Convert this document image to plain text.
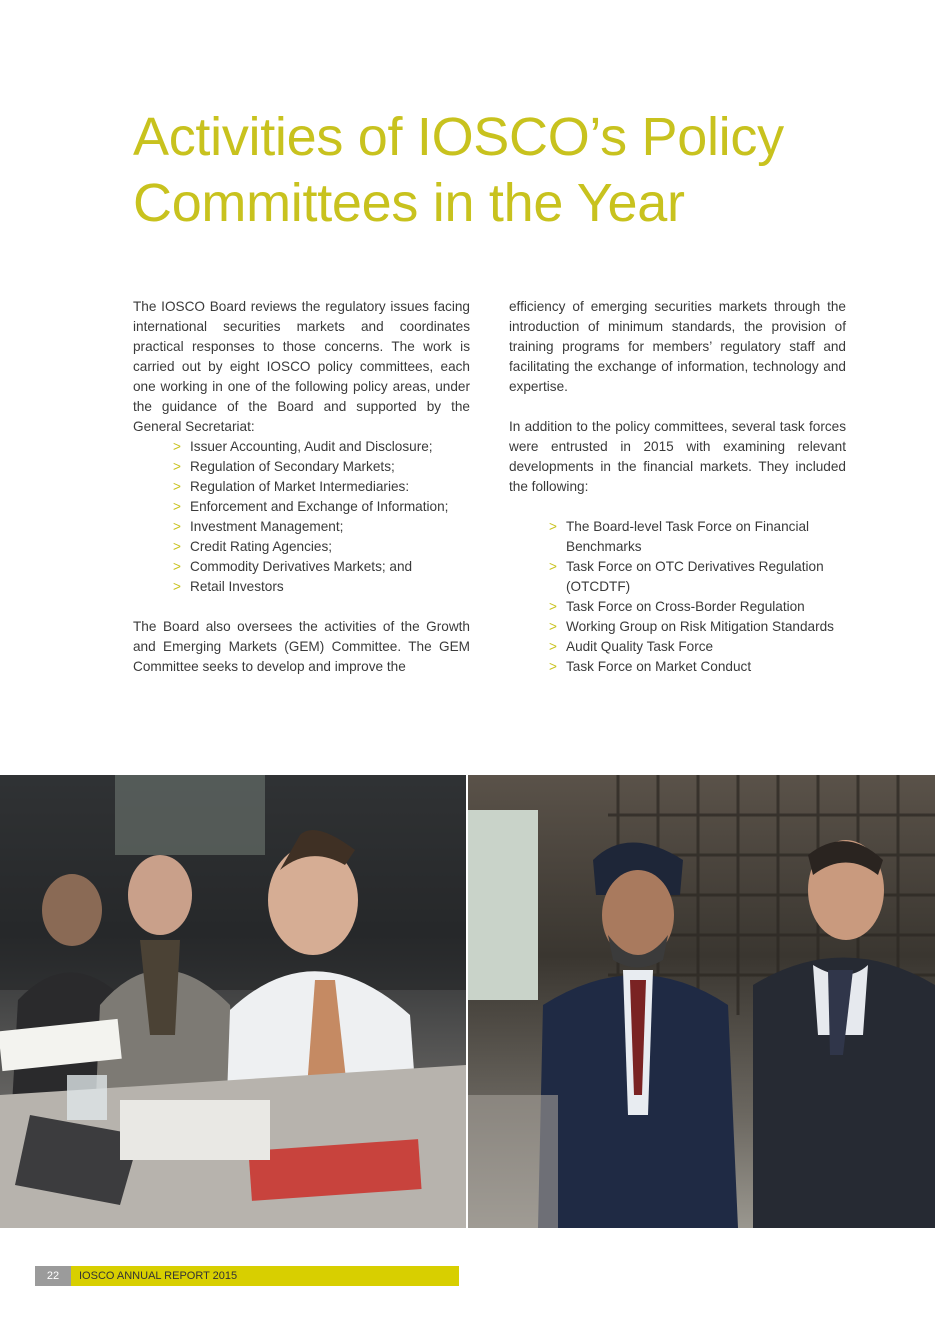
Activities of IOSCO’s Policy
Committees in the Year

The IOSCO Board reviews the regulatory issues facing international securities markets and coordinates practical responses to those concerns. The work is carried out by eight IOSCO policy committees, each one working in one of the following policy areas, under the guidance of the Board and supported by the General Secretariat:

> Issuer Accounting, Audit and Disclosure;
> Regulation of Secondary Markets;
> Regulation of Market Intermediaries:
> Enforcement and Exchange of Information;
> Investment Management;
> Credit Rating Agencies;
> Commodity Derivatives Markets; and
> Retail Investors

The Board also oversees the activities of the Growth and Emerging Markets (GEM) Committee. The GEM Committee seeks to develop and improve the

efficiency of emerging securities markets through the introduction of minimum standards, the provision of training programs for members’ regulatory staff and facilitating the exchange of information, technology and expertise.

In addition to the policy committees, several task forces were entrusted in 2015 with examining relevant developments in the financial markets. They included the following:

> The Board-level Task Force on Financial Benchmarks
> Task Force on OTC Derivatives Regulation (OTCDTF)
> Task Force on Cross-Border Regulation
> Working Group on Risk Mitigation Standards
> Audit Quality Task Force
> Task Force on Market Conduct
22	IOSCO ANNUAL REPORT 2015
